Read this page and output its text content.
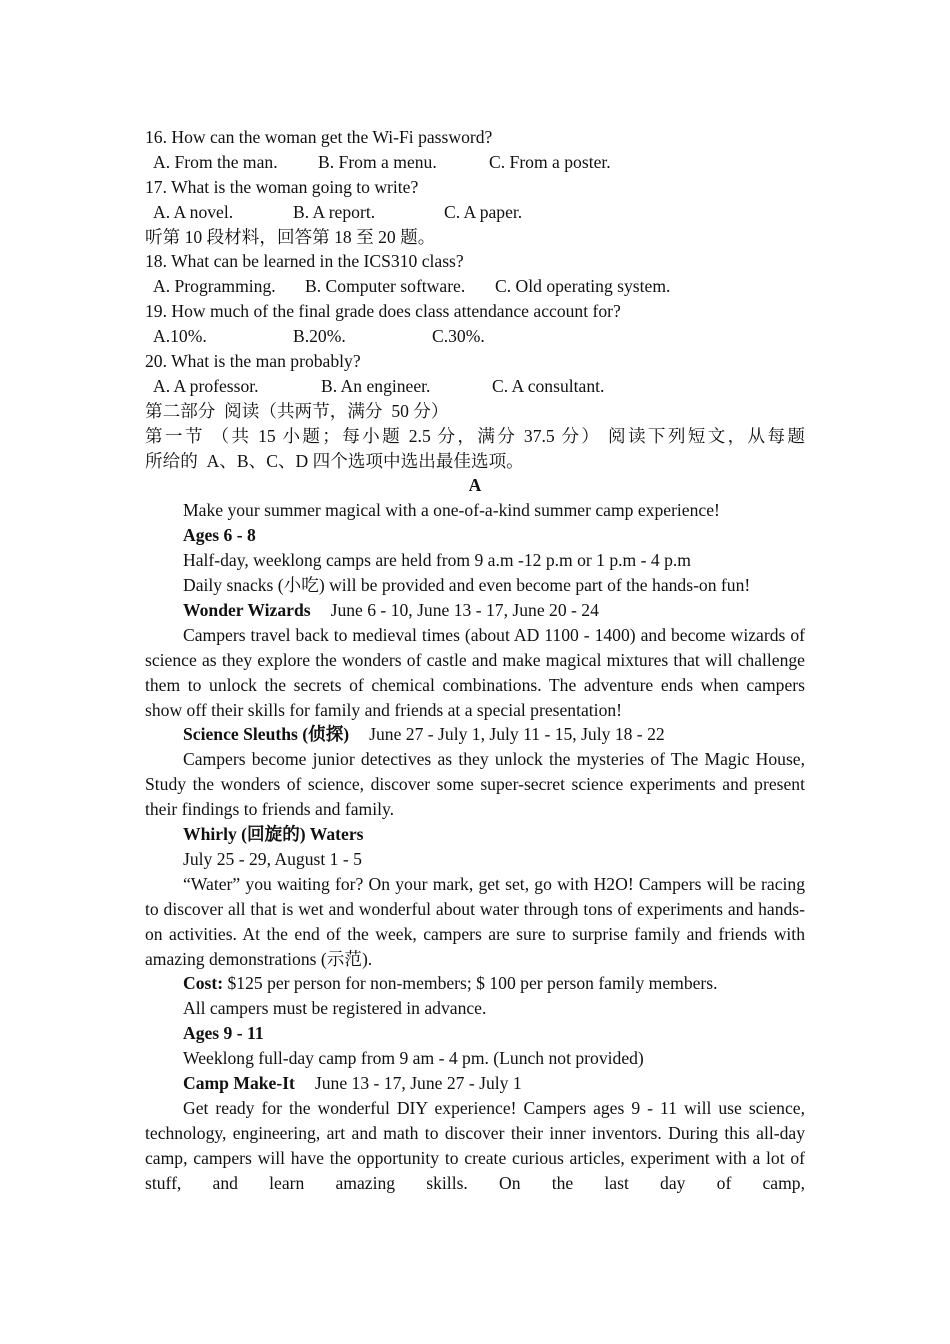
16. How can the woman get the Wi-Fi password?
A. From the man. B. From a menu.	C. From a poster.
17. What is the woman going to write?
A. A novel.	B. A report.	C. A paper.
听第 10 段材料，回答第 18 至 20 题。
18. What can be learned in the ICS310 class?
A. Programming. B. Computer software. C. Old operating system.
19. How much of the final grade does class attendance account for?
A.10%.	B.20%.	C.30%.
20. What is the man probably?
A. A professor.	B. An engineer.	C. A consultant.
第二部分  阅读（共两节，满分  50 分）
第一节 （共 15 小题；每小题 2.5 分，满分 37.5 分） 阅读下列短文，从每题
所给的  A、B、C、D 四个选项中选出最佳选项。
A
Make your summer magical with a one-of-a-kind summer camp experience!
Ages 6 - 8
Half-day, weeklong camps are held from 9 a.m -12 p.m or 1 p.m - 4 p.m
Daily snacks (小吃) will be provided and even become part of the hands-on fun!
Wonder Wizards June 6 - 10, June 13 - 17, June 20 - 24
Campers travel back to medieval times (about AD 1100 - 1400) and become wizards of science as they explore the wonders of castle and make magical mixtures that will challenge them to unlock the secrets of chemical combinations. The adventure ends when campers show off their skills for family and friends at a special presentation!
Science Sleuths (侦探) June 27 - July 1, July 11 - 15, July 18 - 22
Campers become junior detectives as they unlock the mysteries of The Magic House, Study the wonders of science, discover some super-secret science experiments and present their findings to friends and family.
Whirly (回旋的) Waters
July 25 - 29, August 1 - 5
“Water” you waiting for? On your mark, get set, go with H2O! Campers will be racing to discover all that is wet and wonderful about water through tons of experiments and hands-on activities. At the end of the week, campers are sure to surprise family and friends with amazing demonstrations (示范).
Cost: $125 per person for non-members; $ 100 per person family members.
All campers must be registered in advance.
Ages 9 - 11
Weeklong full-day camp from 9 am - 4 pm. (Lunch not provided)
Camp Make-It June 13 - 17, June 27 - July 1
Get ready for the wonderful DIY experience! Campers ages 9 - 11 will use science, technology, engineering, art and math to discover their inner inventors. During this all-day camp, campers will have the opportunity to create curious articles, experiment with a lot of stuff, and learn amazing skills. On the last day of camp,
